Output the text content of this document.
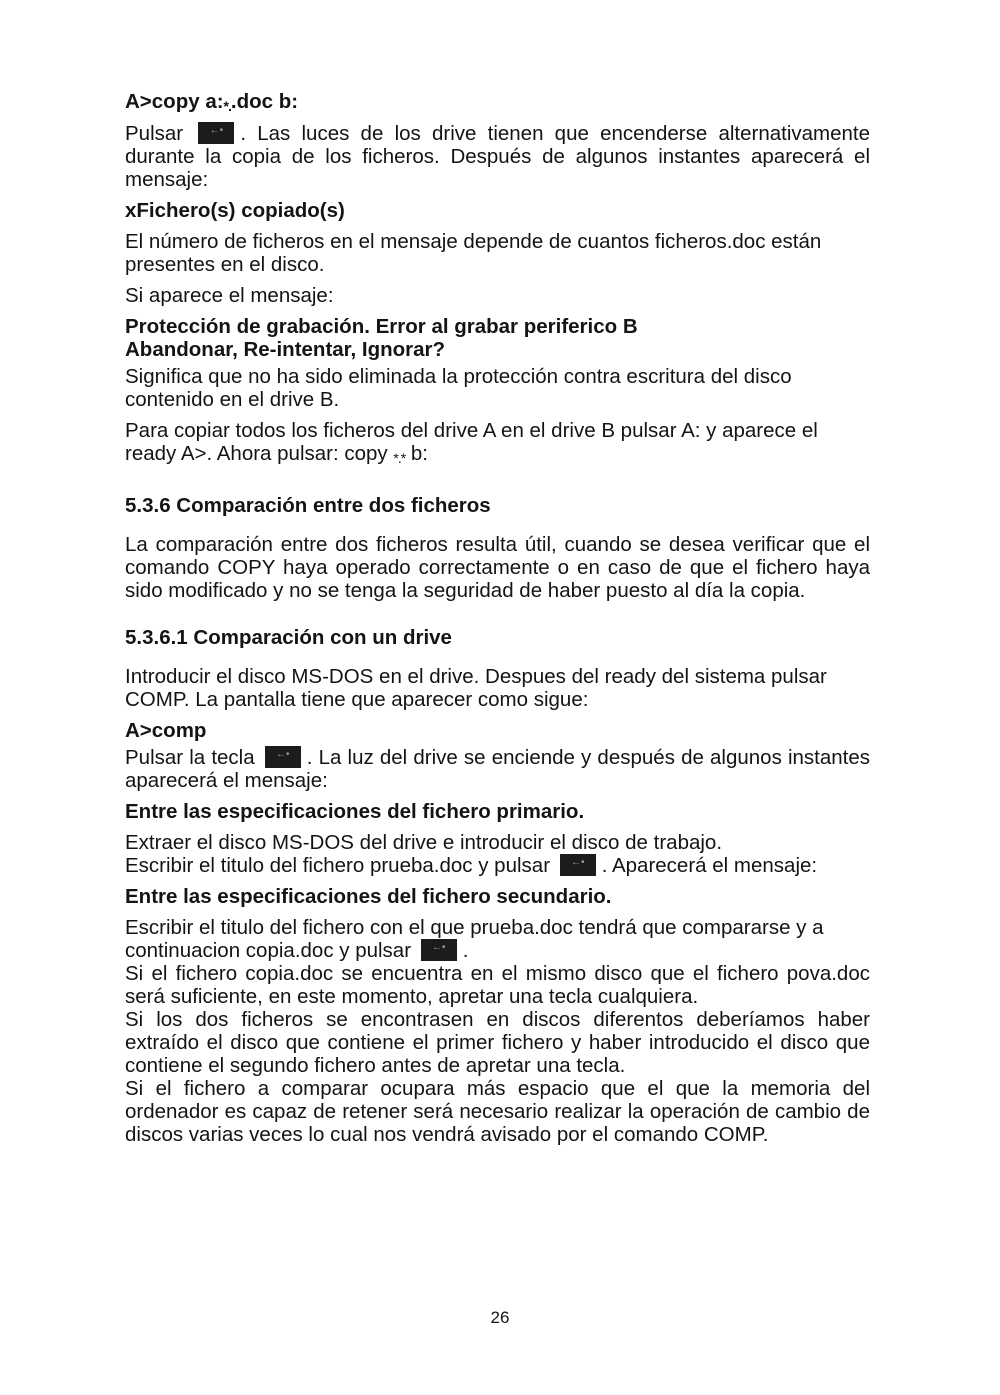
A>copy a:*..doc b:

Pulsar ←•	. Las luces de los drive tienen que encenderse alternativamente durante la copia de los ficheros. Después de algunos instantes aparecerá el mensaje:

xFichero(s) copiado(s)

El número de ficheros en el mensaje depende de cuantos ficheros.doc están presentes en el disco.

Si aparece el mensaje:

Protección de grabación. Error al grabar periferico B

Abandonar, Re-intentar, Ignorar?

Significa que no ha sido eliminada la protección contra escritura del disco contenido en el drive B.

Para copiar todos los ficheros del drive A en el drive B pulsar A: y aparece el ready A>. Ahora pulsar: copy *.* b:

5.3.6 Comparación entre dos ficheros

La comparación entre dos ficheros resulta útil, cuando se desea verificar que el comando COPY haya operado correctamente o en caso de que el fichero haya sido modificado y no se tenga la seguridad de haber puesto al día la copia.

5.3.6.1 Comparación con un drive

Introducir el disco MS-DOS en el drive. Despues del ready del sistema pulsar COMP. La pantalla tiene que aparecer como sigue:

A>comp

Pulsar la tecla ←•	. La luz del drive se enciende y después de algunos instantes aparecerá el mensaje:

Entre las especificaciones del fichero primario.

Extraer el disco MS-DOS del drive e introducir el disco de trabajo.

Escribir el titulo del fichero prueba.doc y pulsar ←•	. Aparecerá el mensaje:

Entre las especificaciones del fichero secundario.

Escribir el titulo del fichero con el que prueba.doc tendrá que compararse y a continuacion copia.doc y pulsar ←•	.

Si el fichero copia.doc se encuentra en el mismo disco que el fichero pova.doc será suficiente, en este momento, apretar una tecla cualquiera.

Si los dos ficheros se encontrasen en discos diferentos deberíamos haber extraído el disco que contiene el primer fichero y haber introducido el disco que contiene el segundo fichero antes de apretar una tecla.

Si el fichero a comparar ocupara más espacio que el que la memoria del ordenador es capaz de retener será necesario realizar la operación de cambio de discos varias veces lo cual nos vendrá avisado por el comando COMP.

26
